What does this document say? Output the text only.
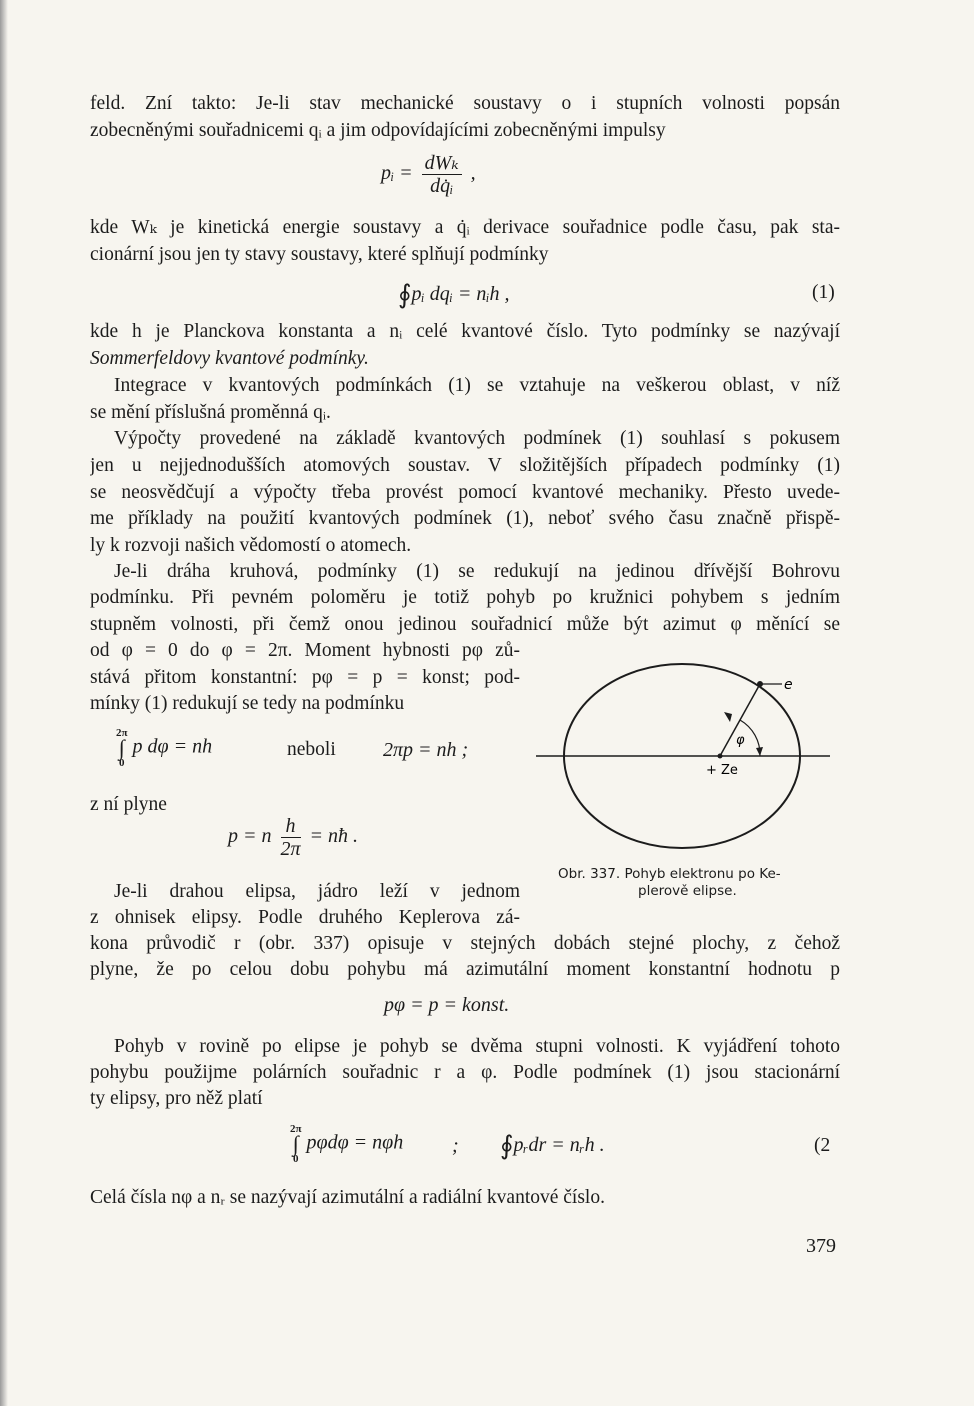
feld. Zní takto: Je-li stav mechanické soustavy o i stupních volnosti popsán
zobecněnými souřadnicemi qᵢ a jim odpovídajícími zobecněnými impulsy
pᵢ = $\frac{\text{dWₖ}}{\text{dq̇ᵢ}}$ ,
kde Wₖ je kinetická energie soustavy a q̇ᵢ derivace souřadnice podle času, pak sta-
cionární jsou jen ty stavy soustavy, které splňují podmínky
∮pᵢ dqᵢ = nᵢh ,	(1)
kde h je Planckova konstanta a nᵢ celé kvantové číslo. Tyto podmínky se nazývají
Sommerfeldovy kvantové podmínky.
Integrace v kvantových podmínkách (1) se vztahuje na veškerou oblast, v níž
se mění příslušná proměnná qᵢ.
Výpočty provedené na základě kvantových podmínek (1) souhlasí s pokusem
jen u nejjednodušších atomových soustav. V složitějších případech podmínky (1)
se neosvědčují a výpočty třeba provést pomocí kvantové mechaniky. Přesto uvede-
me příklady na použití kvantových podmínek (1), neboť svého času značně přispě-
ly k rozvoji našich vědomostí o atomech.
Je-li dráha kruhová, podmínky (1) se redukují na jedinou dřívější Bohrovu
podmínku. Při pevném poloměru je totiž pohyb po kružnici pohybem s jedním
stupněm volnosti, při čemž onou jedinou souřadnicí může být azimut φ měnící se
od φ = 0 do φ = 2π. Moment hybnosti pφ zů-
stává přitom konstantní: pφ = p = konst; pod-
mínky (1) redukují se tedy na podmínku
2π
∫
0
p dφ = nh	neboli 2πp = nh ;
z ní plyne
p = n $\frac{h}{2\pi}$ = nħ .
Je-li drahou elipsa, jádro leží v jednom
z ohnisek elipsy. Podle druhého Keplerova zá-
kona průvodič r (obr. 337) opisuje v stejných dobách stejné plochy, z čehož
plyne, že po celou dobu pohybu má azimutální moment konstantní hodnotu p
pφ = p = konst.
Pohyb v rovině po elipse je pohyb se dvěma stupni volnosti. K vyjádření tohoto
pohybu použijme polárních souřadnic r a φ. Podle podmínek (1) jsou stacionární
ty elipsy, pro něž platí
2π
∫
0
pφdφ = nφh ; ∮pᵣdr = nᵣh .	(2
Celá čísla nφ a nᵣ se nazývají azimutální a radiální kvantové číslo.
e
φ
+ Ze
Obr. 337. Pohyb elektronu po Ke-
plerově elipse.
379
